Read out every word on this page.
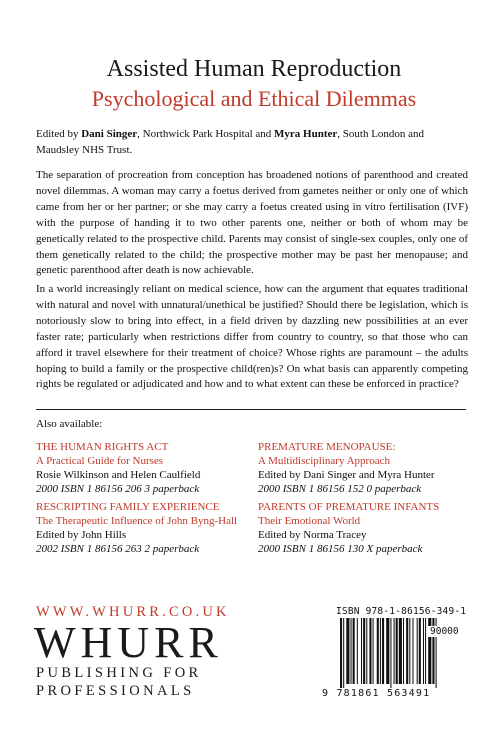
Assisted Human Reproduction
Psychological and Ethical Dilemmas
Edited by Dani Singer, Northwick Park Hospital and Myra Hunter, South London and Maudsley NHS Trust.
The separation of procreation from conception has broadened notions of parenthood and created novel dilemmas. A woman may carry a foetus derived from gametes neither or only one of which came from her or her partner; or she may carry a foetus created using in vitro fertilisation (IVF) with the purpose of handing it to two other parents one, neither or both of whom may be genetically related to the prospective child. Parents may consist of single-sex couples, only one of them genetically related to the child; the prospective mother may be past her menopause; and genetic parenthood after death is now achievable.
In a world increasingly reliant on medical science, how can the argument that equates traditional with natural and novel with unnatural/unethical be justified? Should there be legislation, which is notoriously slow to bring into effect, in a field driven by dazzling new possibilities at an ever faster rate; particularly when restrictions differ from country to country, so that those who can afford it travel elsewhere for their treatment of choice? Whose rights are paramount – the adults hoping to build a family or the prospective child(ren)s? On what basis can apparently competing rights be regulated or adjudicated and how and to what extent can these be enforced in practice?
Also available:
THE HUMAN RIGHTS ACT
A Practical Guide for Nurses
Rosie Wilkinson and Helen Caulfield
2000 ISBN 1 86156 206 3 paperback
PREMATURE MENOPAUSE:
A Multidisciplinary Approach
Edited by Dani Singer and Myra Hunter
2000 ISBN 1 86156 152 0 paperback
RESCRIPTING FAMILY EXPERIENCE
The Therapeutic Influence of John Byng-Hall
Edited by John Hills
2002 ISBN 1 86156 263 2 paperback
PARENTS OF PREMATURE INFANTS
Their Emotional World
Edited by Norma Tracey
2000 ISBN 1 86156 130 X paperback
WWW.WHURR.CO.UK
WHURR
PUBLISHING FOR
PROFESSIONALS
ISBN 978-1-86156-349-1
90000
9 781861 563491
